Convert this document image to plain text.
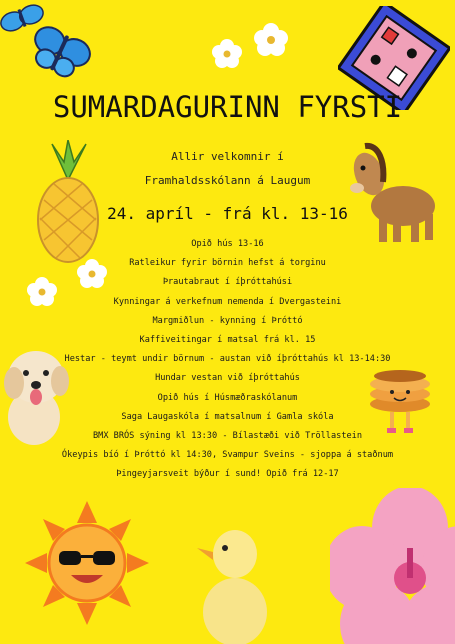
SUMARDAGURINN FYRSTI
Allir velkomnir í
Framhaldsskólann á Laugum
24. apríl - frá kl. 13-16
Opið hús 13-16
Ratleikur fyrir börnin hefst á torginu
Þrautabraut í íþróttahúsi
Kynningar á verkefnum nemenda í Dvergasteini
Margmiðlun - kynning í Þróttó
Kaffiveitingar í matsal frá kl. 15
Hestar - teymt undir börnum - austan við íþróttahús kl 13-14:30
Hundar vestan við íþróttahús
Opið hús í Húsmæðraskólanum
Saga Laugaskóla í matsalnum í Gamla skóla
BMX BRÓS sýning kl 13:30 - Bílastæði við Tröllastein
Ókeypis bíó í Þróttó kl 14:30, Svampur Sveins - sjoppa á staðnum
Þingeyjarsveit býður í sund! Opið frá 12-17
